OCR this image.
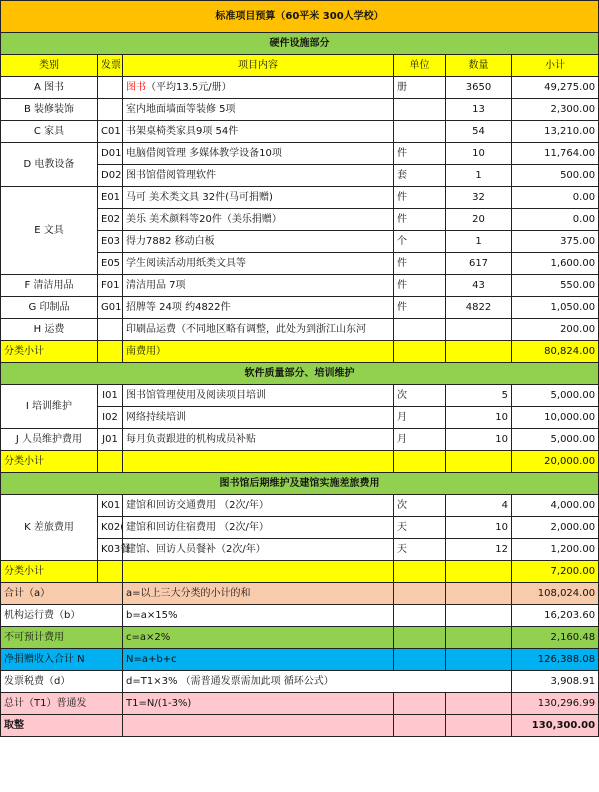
标准项目预算（60平米 300人学校）					
硬件设施部分					
类别	发票	项目内容	单位	数量	小计
A 图书		图书（平均13.5元/册）	册	3650	49,275.00
B 装修装饰		室内地面墙面等装修 5项		13	2,300.00
C 家具	C01	书架桌椅类家具9项 54件		54	13,210.00
D 电教设备	D01	电脑借阅管理 多媒体教学设备10项	件	10	11,764.00
	D02	图书馆借阅管理软件	套	1	500.00
E 文具	E01	马可 美术类文具 32件(马可捐赠)	件	32	0.00
	E02	美乐 美术颜料等20件（美乐捐赠）	件	20	0.00
	E03	得力7882 移动白板	个	1	375.00
	E05	学生阅读活动用纸类文具等	件	617	1,600.00
F 清洁用品	F01	清洁用品 7项	件	43	550.00
G 印制品	G01	招牌等 24项 约4822件	件	4822	1,050.00
H 运费		印刷品运费（不同地区略有调整，此处为到浙江山东河			200.00
分类小计		南费用）			80,824.00
软件质量部分、培训维护					
I 培训维护	I01	图书馆管理使用及阅读项目培训	次	5	5,000.00
	I02	网络持续培训	月	10	10,000.00
J 人员维护费用	J01	每月负责跟进的机构成员补贴	月	10	5,000.00
分类小计					20,000.00
图书馆后期维护及建馆实施差旅费用					
K 差旅费用	K01	建馆和回访交通费用 （2次/年）	次	4	4,000.00
	K02(	建馆和回访住宿费用 （2次/年）	天	10	2,000.00
	K03餐	建馆、回访人员餐补（2次/年）	天	12	1,200.00
分类小计					7,200.00
合计（a）		a=以上三大分类的小计的和			108,024.00
机构运行费（b）		b=a×15%			16,203.60
不可预计费用		c=a×2%			2,160.48
净捐赠收入合计 N		N=a+b+c			126,388.08
发票税费（d）		d=T1×3% （需普通发票需加此项 循环公式）			3,908.91
总计（T1）普通发		T1=N/(1-3%)			130,296.99
取整					130,300.00
